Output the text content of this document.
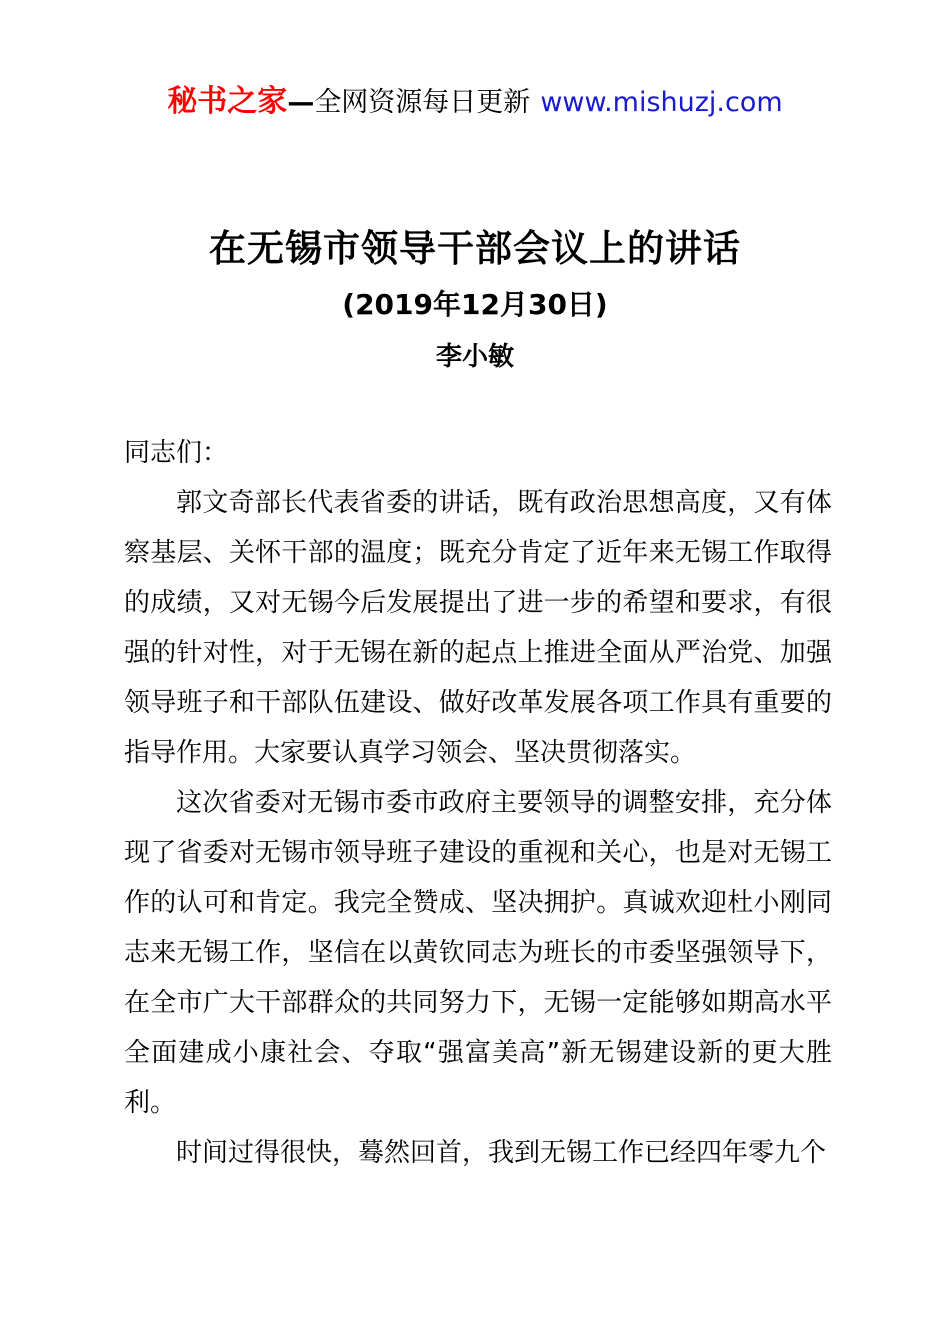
秘书之家—全网资源每日更新 www.mishuzj.com
在无锡市领导干部会议上的讲话
(2019年12月30日)
李小敏

同志们：

郭文奇部长代表省委的讲话，既有政治思想高度，又有体察基层、关怀干部的温度；既充分肯定了近年来无锡工作取得的成绩，又对无锡今后发展提出了进一步的希望和要求，有很强的针对性，对于无锡在新的起点上推进全面从严治党、加强领导班子和干部队伍建设、做好改革发展各项工作具有重要的指导作用。大家要认真学习领会、坚决贯彻落实。

这次省委对无锡市委市政府主要领导的调整安排，充分体现了省委对无锡市领导班子建设的重视和关心，也是对无锡工作的认可和肯定。我完全赞成、坚决拥护。真诚欢迎杜小刚同志来无锡工作，坚信在以黄钦同志为班长的市委坚强领导下，在全市广大干部群众的共同努力下，无锡一定能够如期高水平全面建成小康社会、夺取“强富美高”新无锡建设新的更大胜利。

时间过得很快，蓦然回首，我到无锡工作已经四年零九个
